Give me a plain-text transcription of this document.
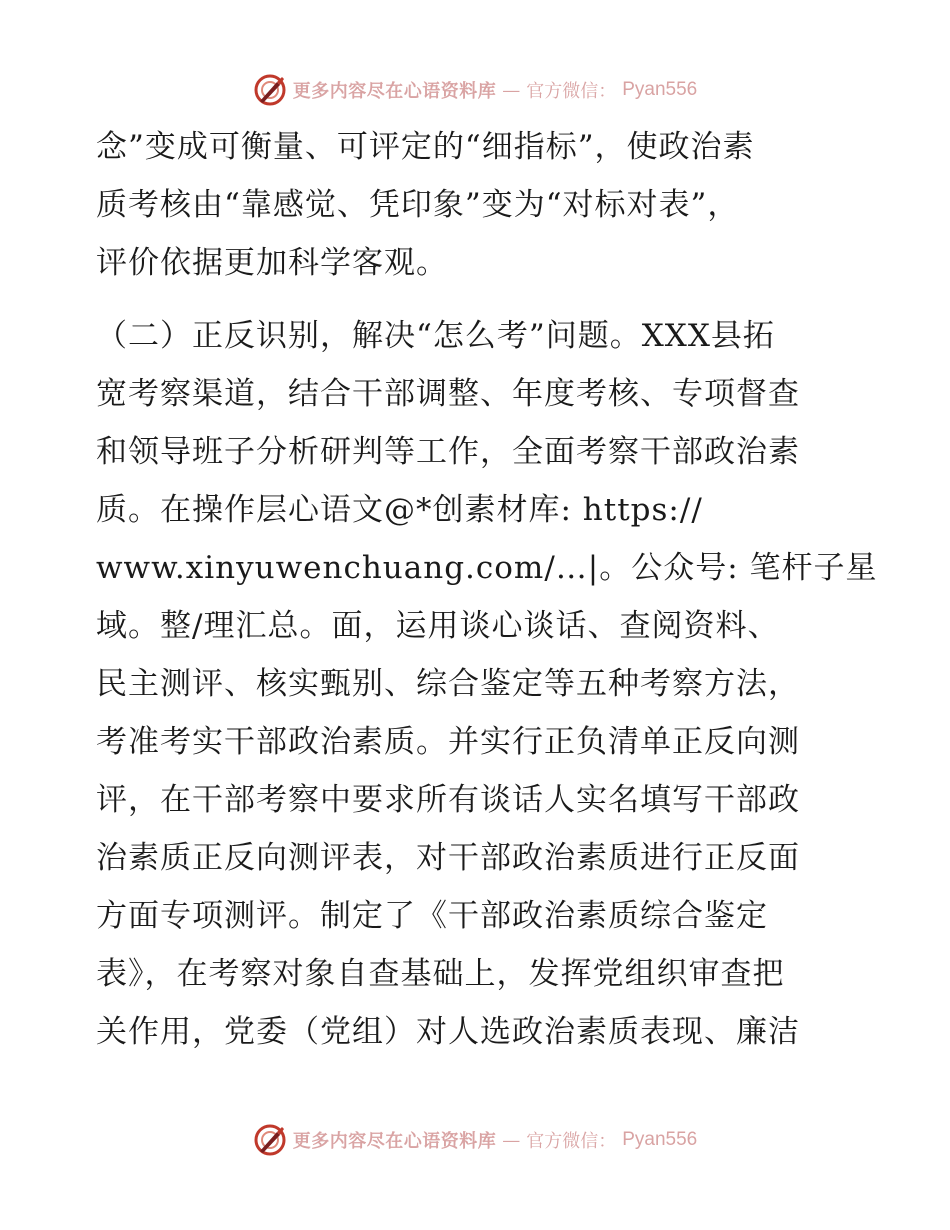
更多内容尽在心语资料库 — 官方微信： Pyan556
念”变成可衡量、可评定的“细指标”，使政治素
质考核由“靠感觉、凭印象”变为“对标对表”，
评价依据更加科学客观。
（二）正反识别，解决“怎么考”问题。XXX县拓
宽考察渠道，结合干部调整、年度考核、专项督查
和领导班子分析研判等工作，全面考察干部政治素
质。在操作层心语文@*创素材库: https://
www.xinyuwenchuang.com/…|。公众号: 笔杆子星
域。整/理汇总。面，运用谈心谈话、查阅资料、
民主测评、核实甄别、综合鉴定等五种考察方法，
考准考实干部政治素质。并实行正负清单正反向测
评，在干部考察中要求所有谈话人实名填写干部政
治素质正反向测评表，对干部政治素质进行正反面
方面专项测评。制定了《干部政治素质综合鉴定
表》，在考察对象自查基础上，发挥党组织审查把
关作用，党委（党组）对人选政治素质表现、廉洁
更多内容尽在心语资料库 — 官方微信： Pyan556
